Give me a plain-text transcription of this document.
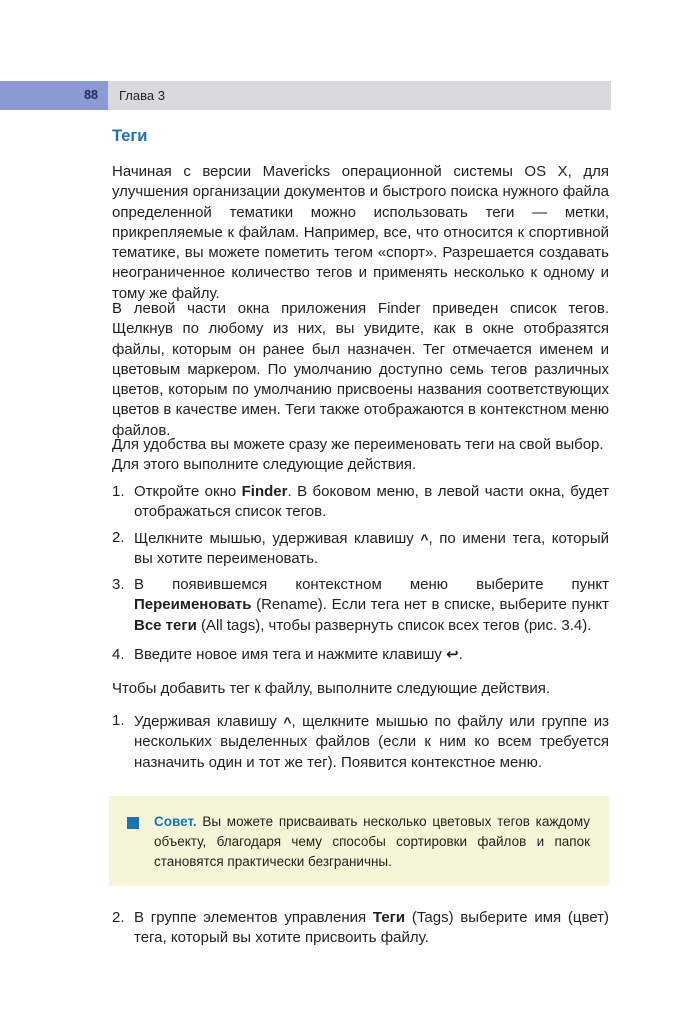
88 Глава 3
Теги

Начиная с версии Mavericks операционной системы OS X, для улучшения организации документов и быстрого поиска нужного файла определенной тематики можно использовать теги — метки, прикрепляемые к файлам. Например, все, что относится к спортивной тематике, вы можете пометить тегом «спорт». Разрешается создавать неограниченное количество тегов и применять несколько к одному и тому же файлу.

В левой части окна приложения Finder приведен список тегов. Щелкнув по любому из них, вы увидите, как в окне отобразятся файлы, которым он ранее был назначен. Тег отмечается именем и цветовым маркером. По умолчанию доступно семь тегов различных цветов, которым по умолчанию присвоены названия соответствующих цветов в качестве имен. Теги также отображаются в контекстном меню файлов.

Для удобства вы можете сразу же переименовать теги на свой выбор. Для этого выполните следующие действия.

1. Откройте окно Finder. В боковом меню, в левой части окна, будет отображаться список тегов.
2. Щелкните мышью, удерживая клавишу ^, по имени тега, который вы хотите переименовать.
3. В появившемся контекстном меню выберите пункт Переименовать (Rename). Если тега нет в списке, выберите пункт Все теги (All tags), чтобы развернуть список всех тегов (рис. 3.4).
4. Введите новое имя тега и нажмите клавишу ↩.

Чтобы добавить тег к файлу, выполните следующие действия.

1. Удерживая клавишу ^, щелкните мышью по файлу или группе из нескольких выделенных файлов (если к ним ко всем требуется назначить один и тот же тег). Появится контекстное меню.

Совет. Вы можете присваивать несколько цветовых тегов каждому объекту, благодаря чему способы сортировки файлов и папок становятся практически безграничны.

2. В группе элементов управления Теги (Tags) выберите имя (цвет) тега, который вы хотите присвоить файлу.
